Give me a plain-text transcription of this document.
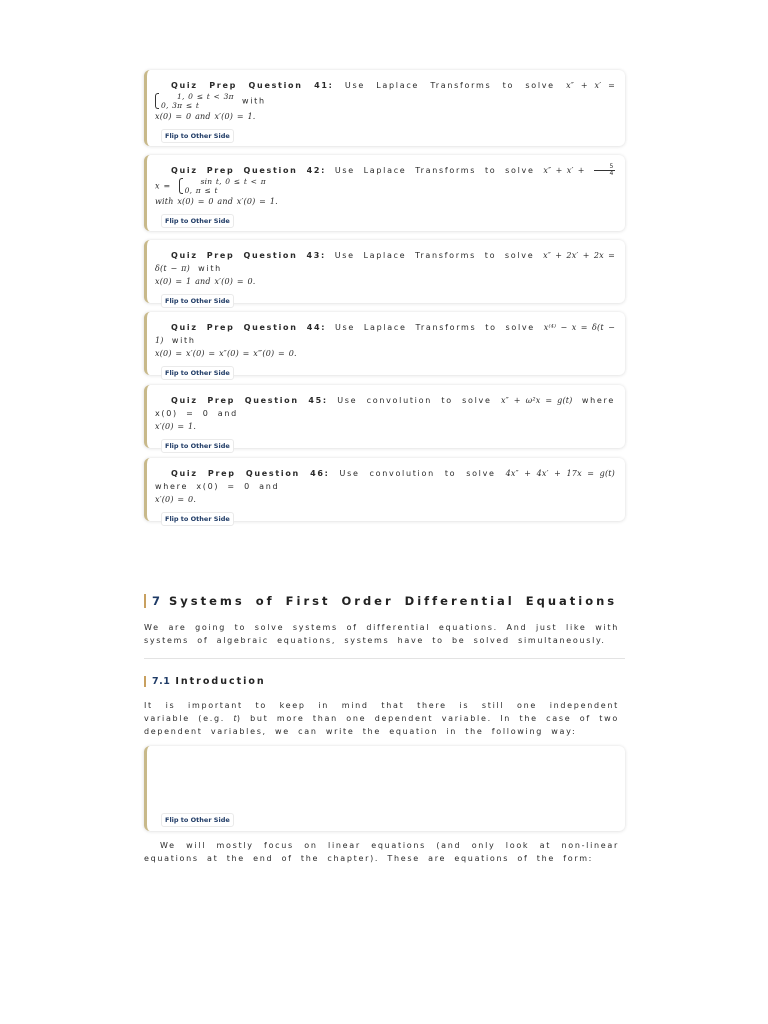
Quiz Prep Question 41: Use Laplace Transforms to solve x″ + x′ = 1, 0 ≤ t < 3π
0, 3π ≤ t	with
x(0) = 0 and x′(0) = 1.

Flip to Other Side

Quiz Prep Question 42: Use Laplace Transforms to solve $x'' + x' + \frac{5}{4}$
x =	sin t, 0 ≤ t < π
0, π ≤ t
with x(0) = 0 and x′(0) = 1.

Flip to Other Side

Quiz Prep Question 43: Use Laplace Transforms to solve x″ + 2x′ + 2x = δ(t − π) with
x(0) = 1 and x′(0) = 0.

Flip to Other Side

Quiz Prep Question 44: Use Laplace Transforms to solve x⁽⁴⁾ − x = δ(t − 1) with
x(0) = x′(0) = x″(0) = x‴(0) = 0.

Flip to Other Side

Quiz Prep Question 45: Use convolution to solve x″ + ω²x = g(t) where x(0) = 0 and
x′(0) = 1.

Flip to Other Side

Quiz Prep Question 46: Use convolution to solve 4x″ + 4x′ + 17x = g(t) where x(0) = 0 and
x′(0) = 0.

Flip to Other Side
7 Systems of First Order Differential Equations

We are going to solve systems of differential equations. And just like with systems of algebraic equations, systems have to be solved simultaneously.

7.1 Introduction

It is important to keep in mind that there is still one independent variable (e.g. t) but more than one dependent variable. In the case of two dependent variables, we can write the equation in the following way:

Flip to Other Side

We will mostly focus on linear equations (and only look at non-linear equations at the end of the chapter). These are equations of the form:
